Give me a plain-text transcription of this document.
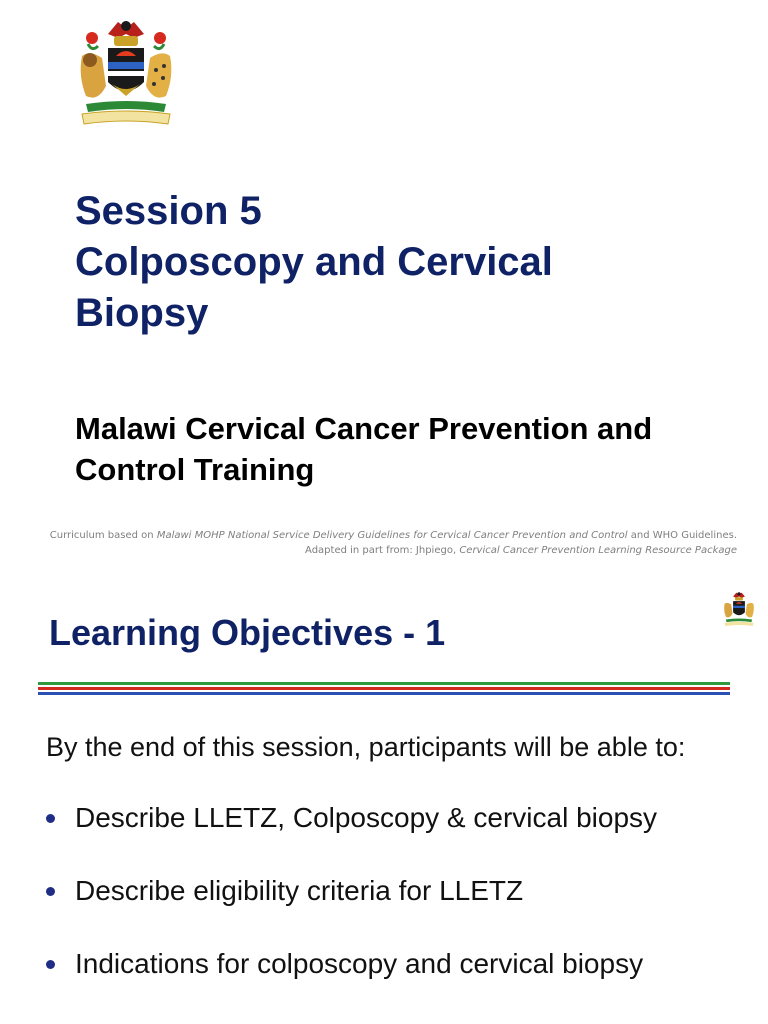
Session 5
Colposcopy and Cervical
Biopsy
Malawi Cervical Cancer Prevention and
Control Training
Curriculum based on Malawi MOHP National Service Delivery Guidelines for Cervical Cancer Prevention and Control and WHO Guidelines.
Adapted in part from: Jhpiego, Cervical Cancer Prevention Learning Resource Package
Learning Objectives - 1
By the end of this session, participants will be able to:
Describe LLETZ, Colposcopy & cervical biopsy
Describe eligibility criteria for LLETZ
Indications for colposcopy and cervical biopsy
